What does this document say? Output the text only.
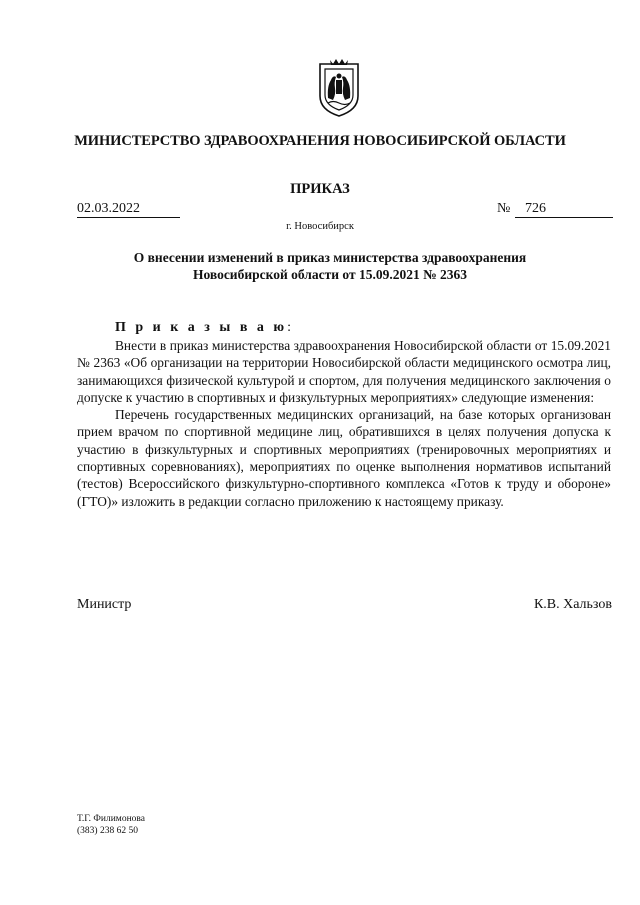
МИНИСТЕРСТВО ЗДРАВООХРАНЕНИЯ НОВОСИБИРСКОЙ ОБЛАСТИ
ПРИКАЗ
02.03.2022	№	726
г. Новосибирск
О внесении изменений в приказ министерства здравоохранения Новосибирской области от 15.09.2021 № 2363
П р и к а з ы в а ю:

Внести в приказ министерства здравоохранения Новосибирской области от 15.09.2021 № 2363 «Об организации на территории Новосибирской области медицинского осмотра лиц, занимающихся физической культурой и спортом, для получения медицинского заключения о допуске к участию в спортивных и физкультурных мероприятиях» следующие изменения:

Перечень государственных медицинских организаций, на базе которых организован прием врачом по спортивной медицине лиц, обратившихся в целях получения допуска к участию в физкультурных и спортивных мероприятиях (тренировочных мероприятиях и спортивных соревнованиях), мероприятиях по оценке выполнения нормативов испытаний (тестов) Всероссийского физкультурно-спортивного комплекса «Готов к труду и обороне» (ГТО)» изложить в редакции согласно приложению к настоящему приказу.

Министр	К.В. Хальзов
Т.Г. Филимонова
(383) 238 62 50
